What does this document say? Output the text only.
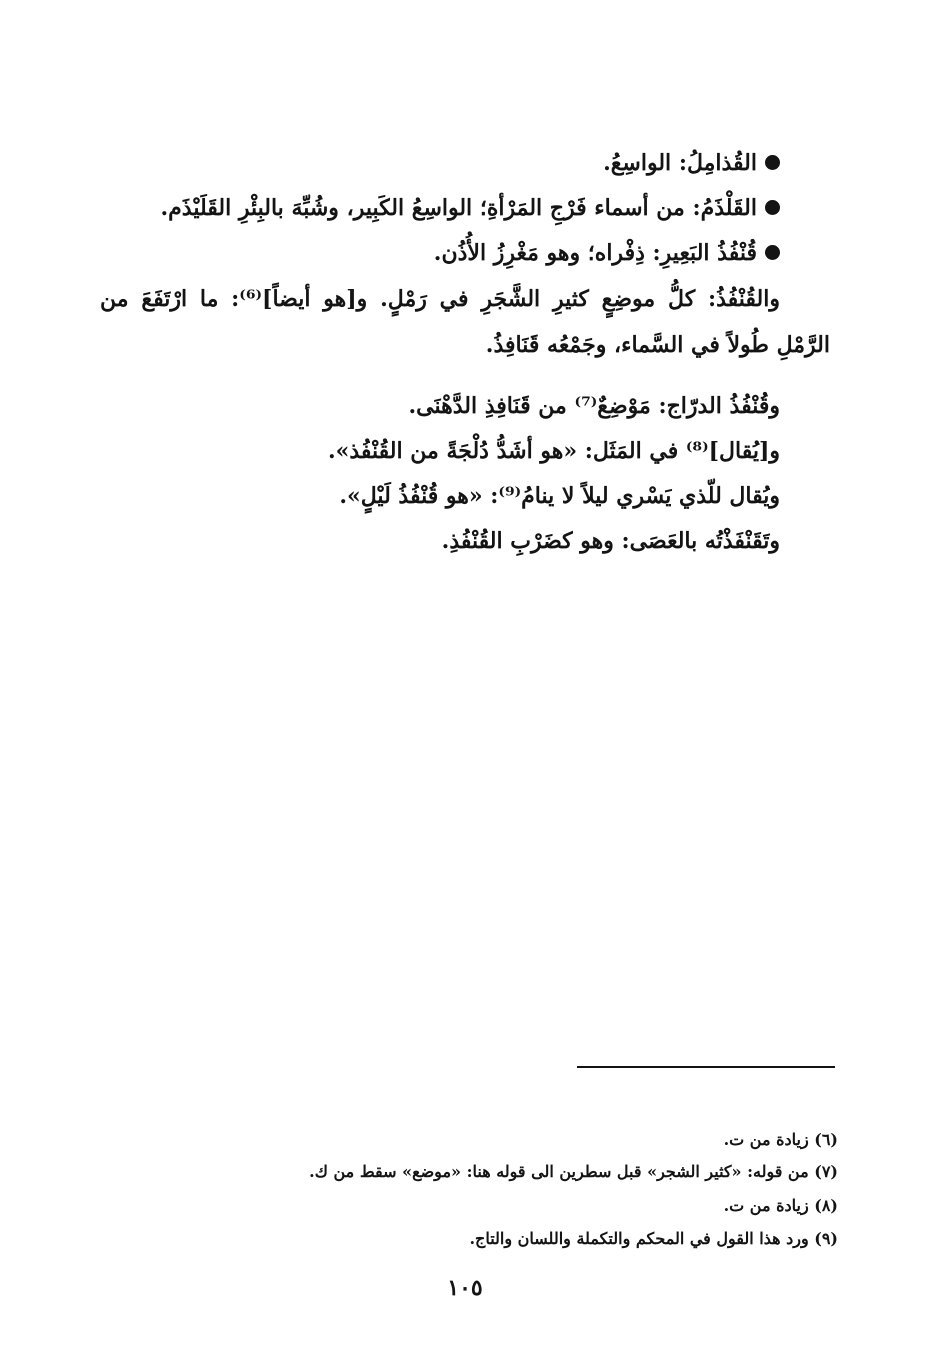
القُذامِلُ: الواسِعُ.
القَلْذَمُ: من أسماء فَرْجِ المَرْأةِ؛ الواسِعُ الكَبِير، وشُبِّهَ بالبِئْرِ القَلَيْذَم.
قُنْفُذُ البَعِيرِ: ذِفْراه؛ وهو مَغْرِزُ الأُذُن.
والقُنْفُذُ: كلُّ موضِعٍ كثيرِ الشَّجَرِ في رَمْلٍ. و[هو أيضاً]⁽⁶⁾: ما ارْتَفَعَ من
الرَّمْلِ طُولاً في السَّماء، وجَمْعُه قَنَافِذُ.
وقُنْفُذُ الدرّاج: مَوْضِعٌ⁽⁷⁾ من قَنَافِذِ الدَّهْنَى.
و[يُقال]⁽⁸⁾ في المَثَل: «هو أشَدُّ دُلْجَةً من القُنْفُذ».
ويُقال للّذي يَسْري ليلاً لا ينامُ⁽⁹⁾: «هو قُنْفُذُ لَيْلٍ».
وتَقَنْفَذْتُه بالعَصَى: وهو كضَرْبِ القُنْفُذِ.
(٦) زيادة من ت.
(٧) من قوله: «كثير الشجر» قبل سطرين الى قوله هنا: «موضع» سقط من ك.
(٨) زيادة من ت.
(٩) ورد هذا القول في المحكم والتكملة واللسان والتاج.
١٠٥
